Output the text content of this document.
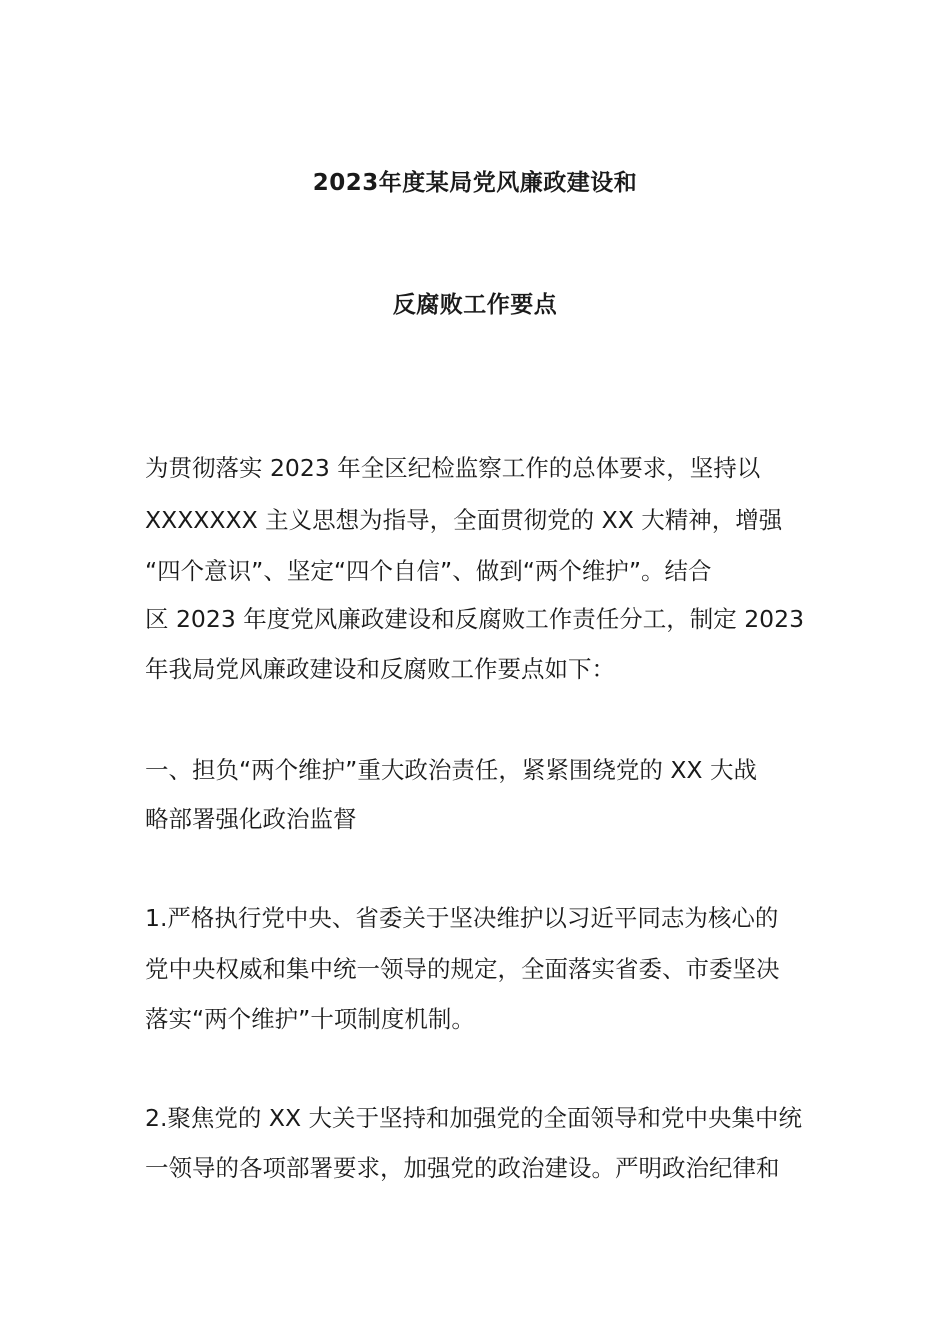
2023年度某局党风廉政建设和
反腐败工作要点
为贯彻落实 2023 年全区纪检监察工作的总体要求，坚持以
XXXXXXX 主义思想为指导，全面贯彻党的 XX 大精神，增强
“四个意识”、坚定“四个自信”、做到“两个维护”。结合
区 2023 年度党风廉政建设和反腐败工作责任分工，制定 2023
年我局党风廉政建设和反腐败工作要点如下：
一、担负“两个维护”重大政治责任，紧紧围绕党的 XX 大战
略部署强化政治监督
1.严格执行党中央、省委关于坚决维护以习近平同志为核心的
党中央权威和集中统一领导的规定，全面落实省委、市委坚决
落实“两个维护”十项制度机制。
2.聚焦党的 XX 大关于坚持和加强党的全面领导和党中央集中统
一领导的各项部署要求，加强党的政治建设。严明政治纪律和
